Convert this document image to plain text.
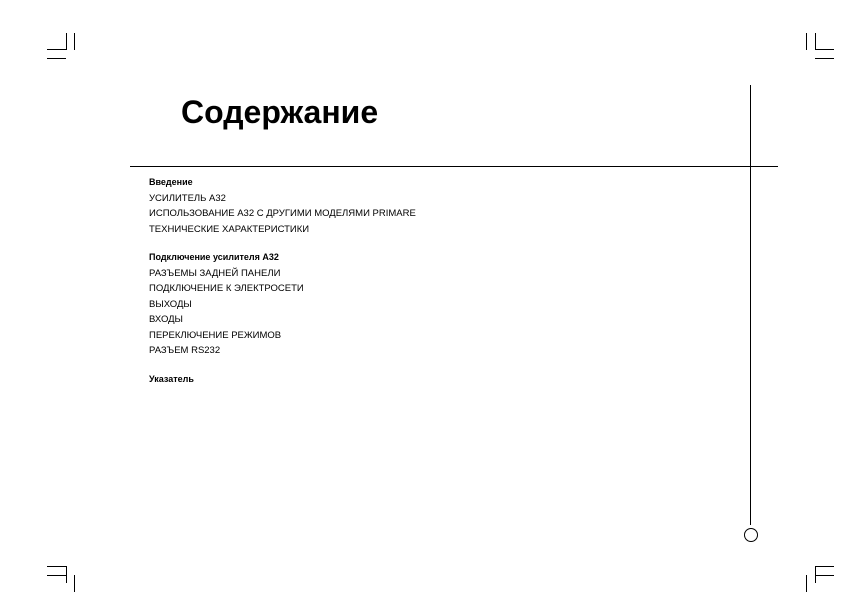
Содержание
Введение
УСИЛИТЕЛЬ А32
ИСПОЛЬЗОВАНИЕ А32 С ДРУГИМИ МОДЕЛЯМИ PRIMARE
ТЕХНИЧЕСКИЕ ХАРАКТЕРИСТИКИ
Подключение усилителя А32
РАЗЪЕМЫ ЗАДНЕЙ ПАНЕЛИ
ПОДКЛЮЧЕНИЕ К ЭЛЕКТРОСЕТИ
ВЫХОДЫ
ВХОДЫ
ПЕРЕКЛЮЧЕНИЕ РЕЖИМОВ
РАЗЪЕМ RS232
Указатель
